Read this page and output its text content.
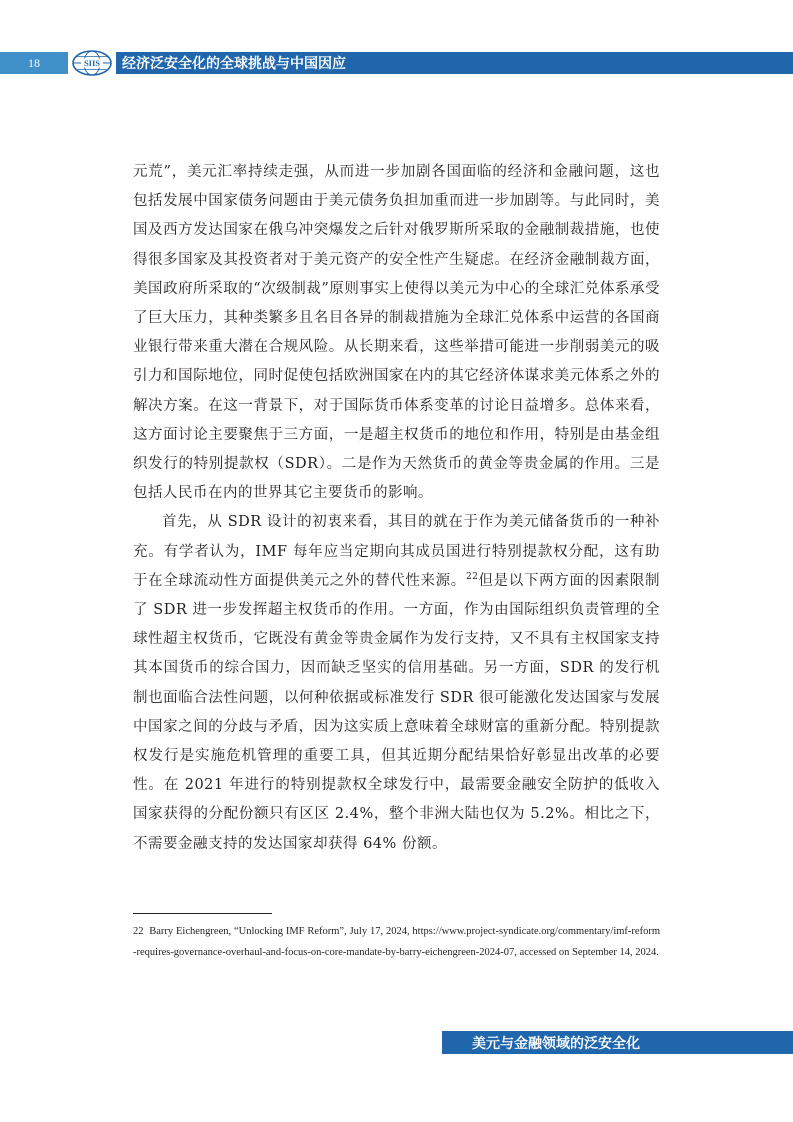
18	SIIS	经济泛安全化的全球挑战与中国因应

元荒”，美元汇率持续走强，从而进一步加剧各国面临的经济和金融问题，这也包括发展中国家债务问题由于美元债务负担加重而进一步加剧等。与此同时，美国及西方发达国家在俄乌冲突爆发之后针对俄罗斯所采取的金融制裁措施，也使得很多国家及其投资者对于美元资产的安全性产生疑虑。在经济金融制裁方面，美国政府所采取的“次级制裁”原则事实上使得以美元为中心的全球汇兑体系承受了巨大压力，其种类繁多且名目各异的制裁措施为全球汇兑体系中运营的各国商业银行带来重大潜在合规风险。从长期来看，这些举措可能进一步削弱美元的吸引力和国际地位，同时促使包括欧洲国家在内的其它经济体谋求美元体系之外的解决方案。在这一背景下，对于国际货币体系变革的讨论日益增多。总体来看，这方面讨论主要聚焦于三方面，一是超主权货币的地位和作用，特别是由基金组织发行的特别提款权（SDR）。二是作为天然货币的黄金等贵金属的作用。三是包括人民币在内的世界其它主要货币的影响。

首先，从 SDR 设计的初衷来看，其目的就在于作为美元储备货币的一种补充。有学者认为，IMF 每年应当定期向其成员国进行特别提款权分配，这有助于在全球流动性方面提供美元之外的替代性来源。$^{22}$但是以下两方面的因素限制了 SDR 进一步发挥超主权货币的作用。一方面，作为由国际组织负责管理的全球性超主权货币，它既没有黄金等贵金属作为发行支持，又不具有主权国家支持其本国货币的综合国力，因而缺乏坚实的信用基础。另一方面，SDR 的发行机制也面临合法性问题，以何种依据或标准发行 SDR 很可能激化发达国家与发展中国家之间的分歧与矛盾，因为这实质上意味着全球财富的重新分配。特别提款权发行是实施危机管理的重要工具，但其近期分配结果恰好彰显出改革的必要性。在 2021 年进行的特别提款权全球发行中，最需要金融安全防护的低收入国家获得的分配份额只有区区 2.4%，整个非洲大陆也仅为 5.2%。相比之下，不需要金融支持的发达国家却获得 64% 份额。

22 Barry Eichengreen, “Unlocking IMF Reform”, July 17, 2024, https://www.project-syndicate.org/commentary/imf-reform-requires-governance-overhaul-and-focus-on-core-mandate-by-barry-eichengreen-2024-07, accessed on September 14, 2024.
美元与金融领域的泛安全化
